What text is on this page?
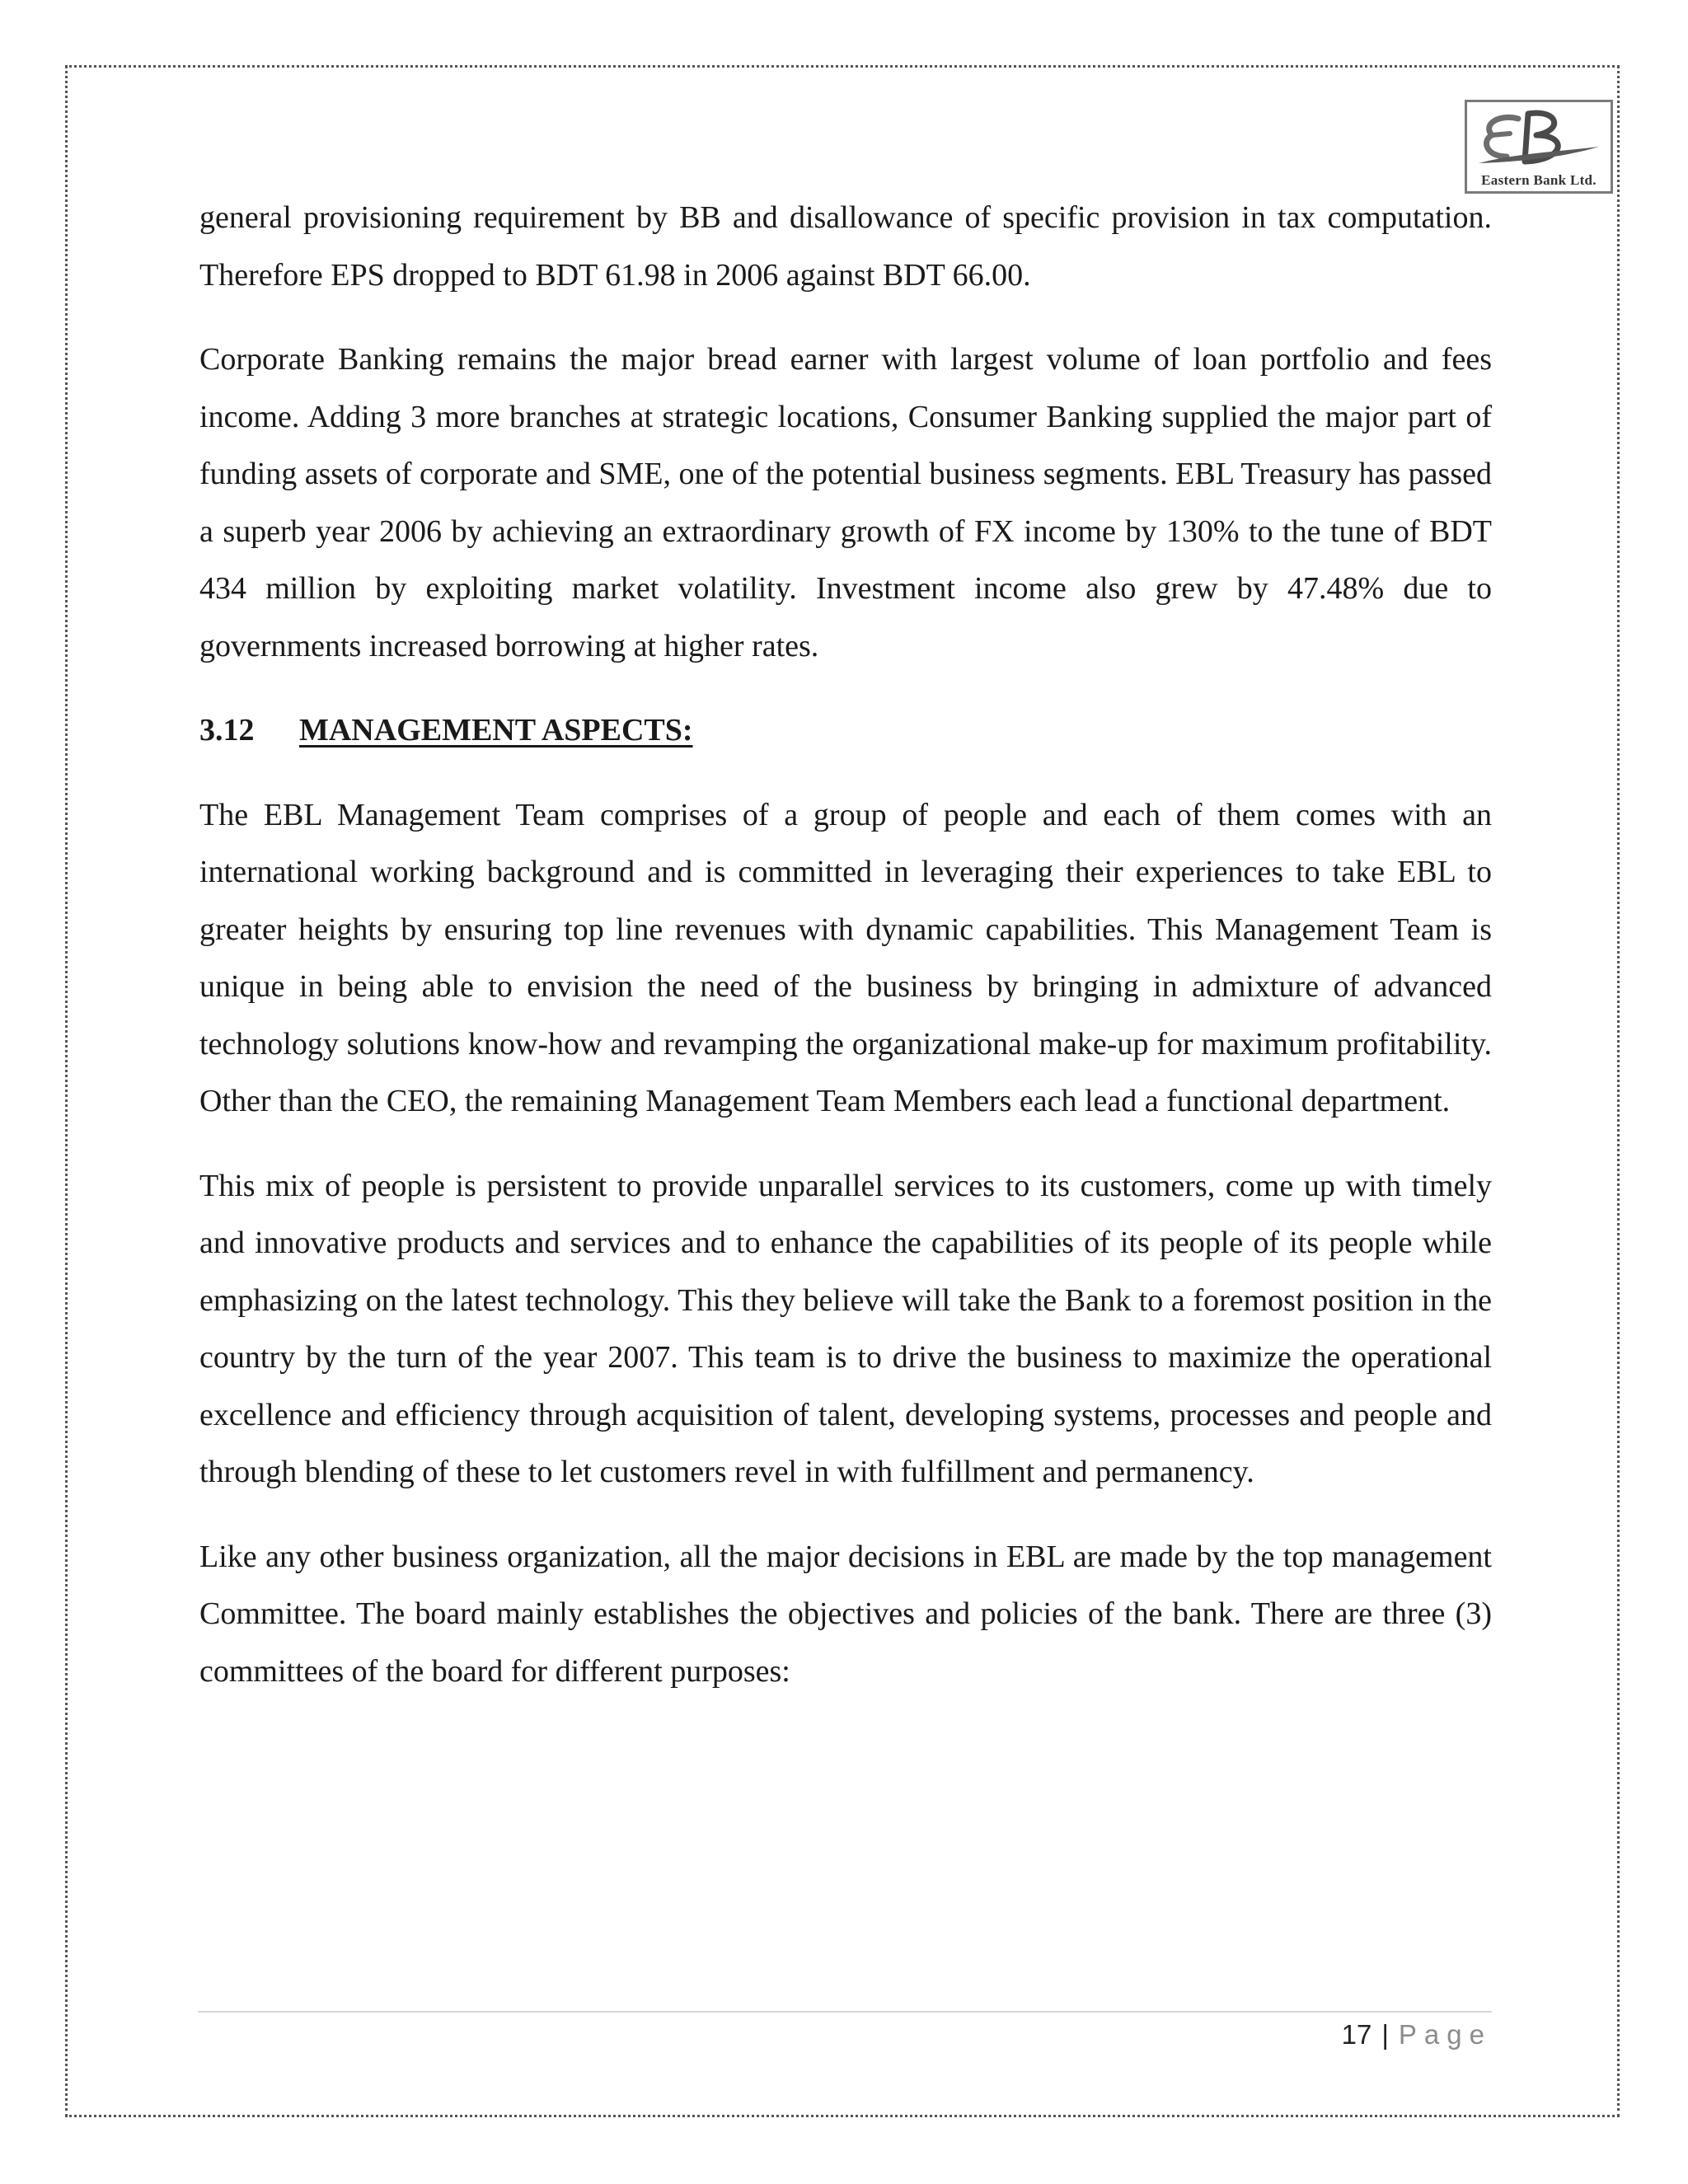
Eastern Bank Ltd.

general provisioning requirement by BB and disallowance of specific provision in tax computation. Therefore EPS dropped to BDT 61.98 in 2006 against BDT 66.00.

Corporate Banking remains the major bread earner with largest volume of loan portfolio and fees income. Adding 3 more branches at strategic locations, Consumer Banking supplied the major part of funding assets of corporate and SME, one of the potential business segments. EBL Treasury has passed a superb year 2006 by achieving an extraordinary growth of FX income by 130% to the tune of BDT 434 million by exploiting market volatility. Investment income also grew by 47.48% due to governments increased borrowing at higher rates.

3.12 MANAGEMENT ASPECTS:

The EBL Management Team comprises of a group of people and each of them comes with an international working background and is committed in leveraging their experiences to take EBL to greater heights by ensuring top line revenues with dynamic capabilities. This Management Team is unique in being able to envision the need of the business by bringing in admixture of advanced technology solutions know-how and revamping the organizational make-up for maximum profitability. Other than the CEO, the remaining Management Team Members each lead a functional department.

This mix of people is persistent to provide unparallel services to its customers, come up with timely and innovative products and services and to enhance the capabilities of its people of its people while emphasizing on the latest technology. This they believe will take the Bank to a foremost position in the country by the turn of the year 2007. This team is to drive the business to maximize the operational excellence and efficiency through acquisition of talent, developing systems, processes and people and through blending of these to let customers revel in with fulfillment and permanency.

Like any other business organization, all the major decisions in EBL are made by the top management Committee. The board mainly establishes the objectives and policies of the bank. There are three (3) committees of the board for different purposes:

17 | Page
